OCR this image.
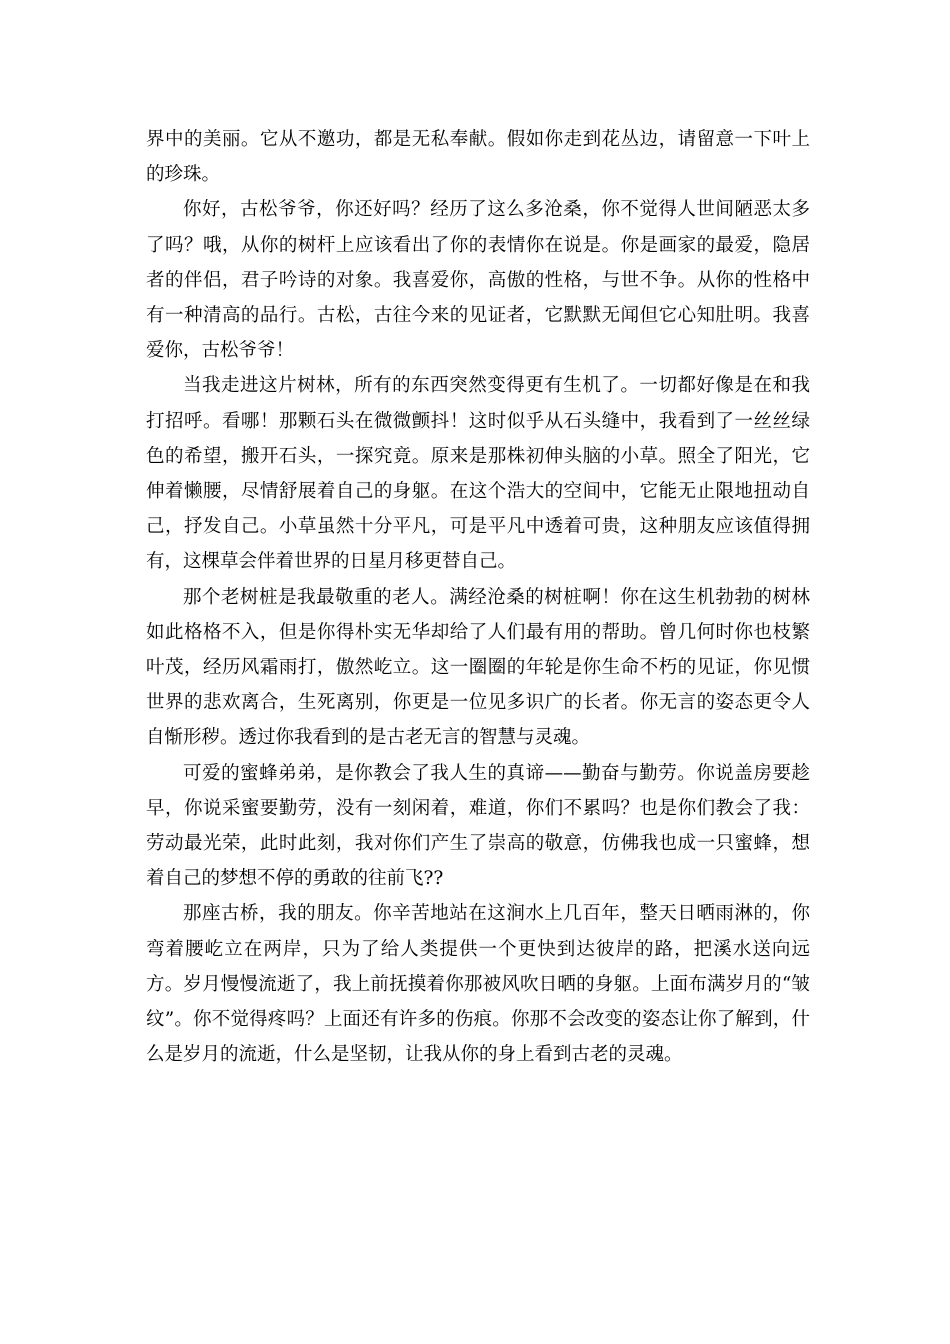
界中的美丽。它从不邀功，都是无私奉献。假如你走到花丛边，请留意一下叶上的珍珠。

你好，古松爷爷，你还好吗？经历了这么多沧桑，你不觉得人世间陋恶太多了吗？哦，从你的树杆上应该看出了你的表情你在说是。你是画家的最爱，隐居者的伴侣，君子吟诗的对象。我喜爱你，高傲的性格，与世不争。从你的性格中有一种清高的品行。古松，古往今来的见证者，它默默无闻但它心知肚明。我喜爱你，古松爷爷！

当我走进这片树林，所有的东西突然变得更有生机了。一切都好像是在和我打招呼。看哪！那颗石头在微微颤抖！这时似乎从石头缝中，我看到了一丝丝绿色的希望，搬开石头，一探究竟。原来是那株初伸头脑的小草。照全了阳光，它伸着懒腰，尽情舒展着自己的身躯。在这个浩大的空间中，它能无止限地扭动自己，抒发自己。小草虽然十分平凡，可是平凡中透着可贵，这种朋友应该值得拥有，这棵草会伴着世界的日星月移更替自己。

那个老树桩是我最敬重的老人。满经沧桑的树桩啊！你在这生机勃勃的树林如此格格不入，但是你得朴实无华却给了人们最有用的帮助。曾几何时你也枝繁叶茂，经历风霜雨打，傲然屹立。这一圈圈的年轮是你生命不朽的见证，你见惯世界的悲欢离合，生死离别，你更是一位见多识广的长者。你无言的姿态更令人自惭形秽。透过你我看到的是古老无言的智慧与灵魂。

可爱的蜜蜂弟弟，是你教会了我人生的真谛——勤奋与勤劳。你说盖房要趁早，你说采蜜要勤劳，没有一刻闲着，难道，你们不累吗？也是你们教会了我：劳动最光荣，此时此刻，我对你们产生了崇高的敬意，仿佛我也成一只蜜蜂，想着自己的梦想不停的勇敢的往前飞??

那座古桥，我的朋友。你辛苦地站在这涧水上几百年，整天日晒雨淋的，你弯着腰屹立在两岸，只为了给人类提供一个更快到达彼岸的路，把溪水送向远方。岁月慢慢流逝了，我上前抚摸着你那被风吹日晒的身躯。上面布满岁月的“皱纹”。你不觉得疼吗？上面还有许多的伤痕。你那不会改变的姿态让你了解到，什么是岁月的流逝，什么是坚韧，让我从你的身上看到古老的灵魂。
